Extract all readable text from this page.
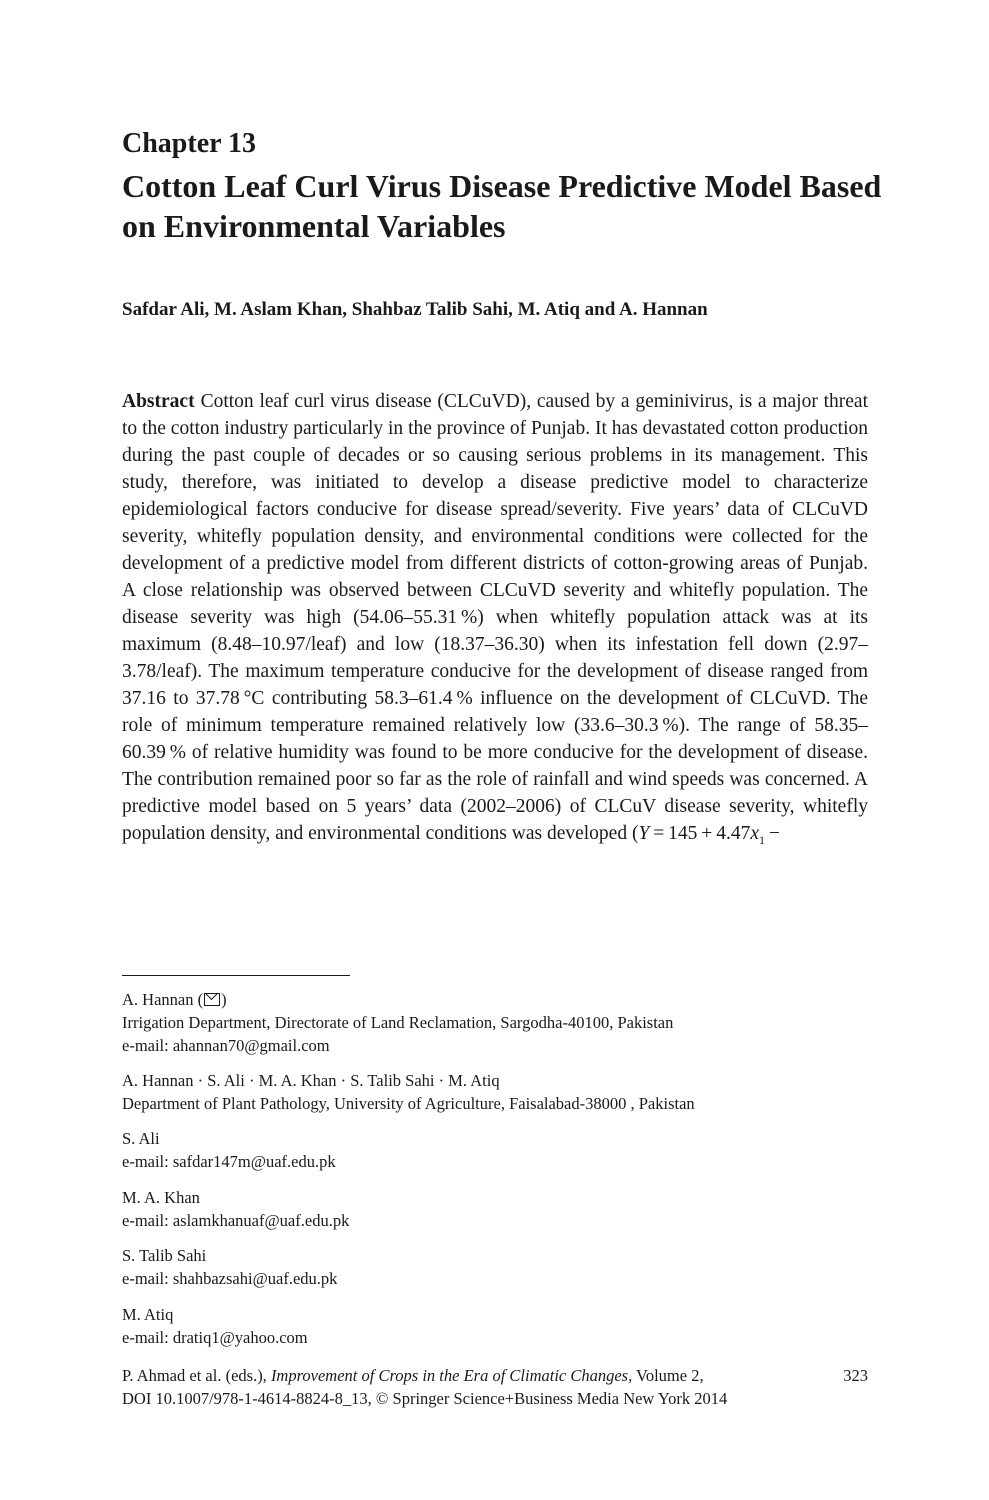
Chapter 13
Cotton Leaf Curl Virus Disease Predictive Model Based on Environmental Variables

Safdar Ali, M. Aslam Khan, Shahbaz Talib Sahi, M. Atiq and A. Hannan

Abstract Cotton leaf curl virus disease (CLCuVD), caused by a geminivirus, is a major threat to the cotton industry particularly in the province of Punjab. It has devastated cotton production during the past couple of decades or so causing serious problems in its management. This study, therefore, was initiated to develop a disease predictive model to characterize epidemiological factors conducive for disease spread/severity. Five years’ data of CLCuVD severity, whitefly population density, and environmental conditions were collected for the development of a predictive model from different districts of cotton-growing areas of Punjab. A close relationship was observed between CLCuVD severity and whitefly population. The disease severity was high (54.06–55.31 %) when whitefly population attack was at its maximum (8.48–10.97/leaf) and low (18.37–36.30) when its infestation fell down (2.97–3.78/leaf). The maximum temperature conducive for the development of disease ranged from 37.16 to 37.78 °C contributing 58.3–61.4 % influence on the development of CLCuVD. The role of minimum temperature remained relatively low (33.6–30.3 %). The range of 58.35–60.39 % of relative humidity was found to be more conducive for the development of disease. The contribution remained poor so far as the role of rainfall and wind speeds was concerned. A predictive model based on 5 years’ data (2002–2006) of CLCuV disease severity, whitefly population density, and environmental conditions was developed ($Y = 145 + 4.47x_1$ −

A. Hannan ( )
Irrigation Department, Directorate of Land Reclamation, Sargodha-40100, Pakistan
e-mail: ahannan70@gmail.com
A. Hannan · S. Ali · M. A. Khan · S. Talib Sahi · M. Atiq
Department of Plant Pathology, University of Agriculture, Faisalabad-38000 , Pakistan
S. Ali
e-mail: safdar147m@uaf.edu.pk
M. A. Khan
e-mail: aslamkhanuaf@uaf.edu.pk
S. Talib Sahi
e-mail: shahbazsahi@uaf.edu.pk
M. Atiq
e-mail: dratiq1@yahoo.com
P. Ahmad et al. (eds.), Improvement of Crops in the Era of Climatic Changes, Volume 2,
DOI 10.1007/978-1-4614-8824-8_13, © Springer Science+Business Media New York 2014
323
